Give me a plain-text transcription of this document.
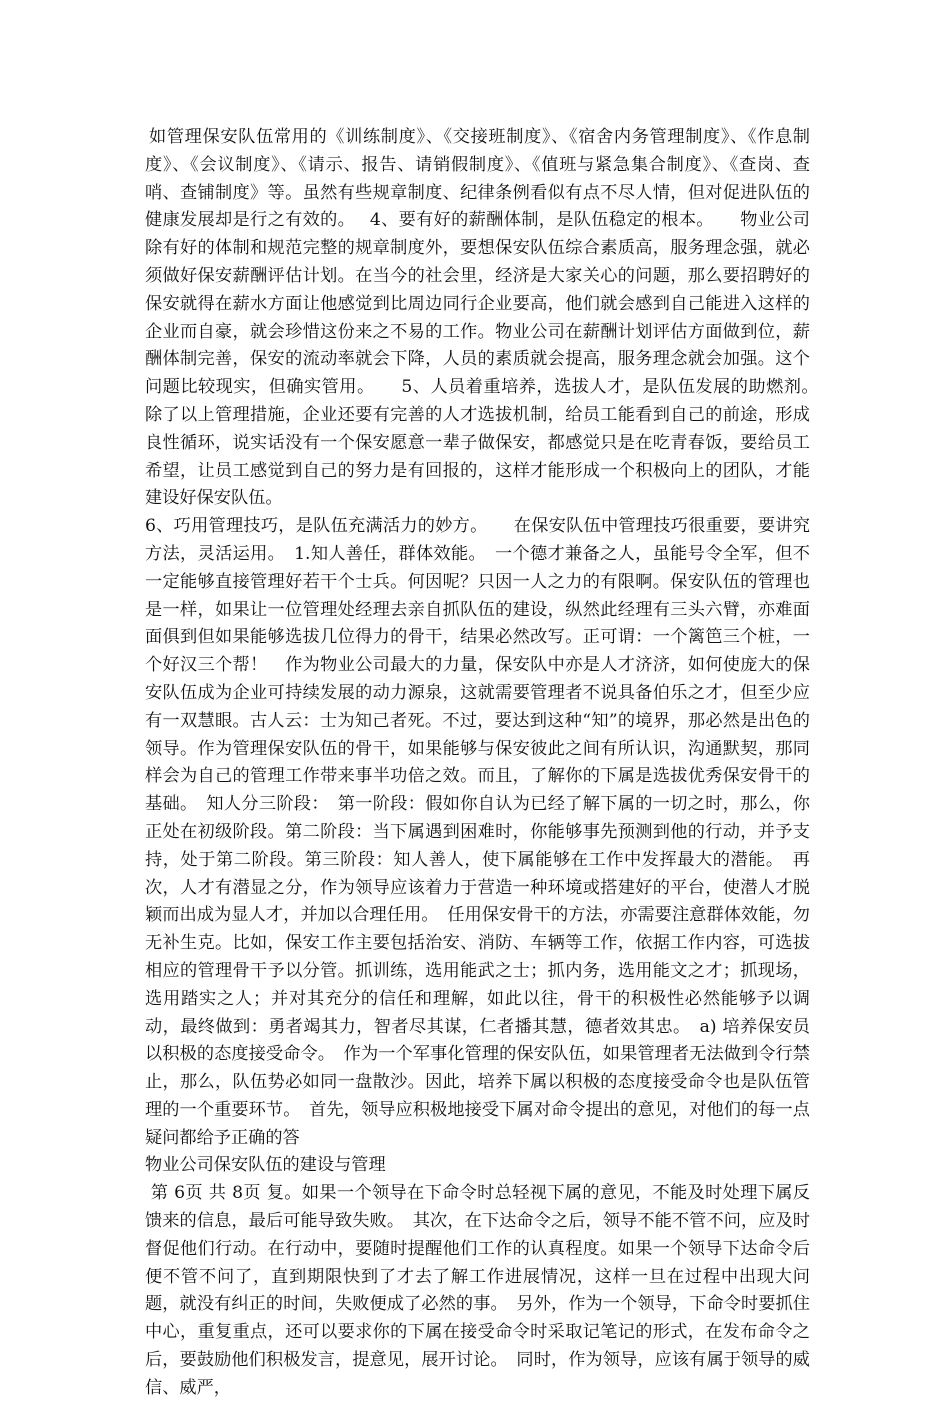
如管理保安队伍常用的《训练制度》、《交接班制度》、《宿舍内务管理制度》、《作息制度》、《会议制度》、《请示、报告、请销假制度》、《值班与紧急集合制度》、《查岗、查哨、查铺制度》等。虽然有些规章制度、纪律条例看似有点不尽人情，但对促进队伍的健康发展却是行之有效的。　 4、要有好的薪酬体制，是队伍稳定的根本。　　物业公司除有好的体制和规范完整的规章制度外，要想保安队伍综合素质高，服务理念强，就必须做好保安薪酬评估计划。在当今的社会里，经济是大家关心的问题，那么要招聘好的保安就得在薪水方面让他感觉到比周边同行企业要高，他们就会感到自己能进入这样的企业而自豪，就会珍惜这份来之不易的工作。物业公司在薪酬计划评估方面做到位，薪酬体制完善，保安的流动率就会下降，人员的素质就会提高，服务理念就会加强。这个问题比较现实，但确实管用。　　5、人员着重培养，选拔人才，是队伍发展的助燃剂。　　除了以上管理措施，企业还要有完善的人才选拔机制，给员工能看到自己的前途，形成良性循环，说实话没有一个保安愿意一辈子做保安，都感觉只是在吃青春饭，要给员工希望，让员工感觉到自己的努力是有回报的，这样才能形成一个积极向上的团队，才能建设好保安队伍。

6、巧用管理技巧，是队伍充满活力的妙方。　　在保安队伍中管理技巧很重要，要讲究方法，灵活运用。　1.知人善任，群体效能。　一个德才兼备之人，虽能号令全军，但不一定能够直接管理好若干个士兵。何因呢？只因一人之力的有限啊。保安队伍的管理也是一样，如果让一位管理处经理去亲自抓队伍的建设，纵然此经理有三头六臂，亦难面面俱到但如果能够选拔几位得力的骨干，结果必然改写。正可谓：一个篱笆三个桩，一个好汉三个帮！　作为物业公司最大的力量，保安队中亦是人才济济，如何使庞大的保安队伍成为企业可持续发展的动力源泉，这就需要管理者不说具备伯乐之才，但至少应有一双慧眼。古人云：士为知己者死。不过，要达到这种“知”的境界，那必然是出色的领导。作为管理保安队伍的骨干，如果能够与保安彼此之间有所认识，沟通默契，那同样会为自己的管理工作带来事半功倍之效。而且，了解你的下属是选拔优秀保安骨干的基础。　知人分三阶段：　第一阶段：假如你自认为已经了解下属的一切之时，那么，你正处在初级阶段。第二阶段：当下属遇到困难时，你能够事先预测到他的行动，并予支持，处于第二阶段。第三阶段：知人善人，使下属能够在工作中发挥最大的潜能。　再次，人才有潜显之分，作为领导应该着力于营造一种环境或搭建好的平台，使潜人才脱颖而出成为显人才，并加以合理任用。　任用保安骨干的方法，亦需要注意群体效能，勿无补生克。比如，保安工作主要包括治安、消防、车辆等工作，依据工作内容，可选拔相应的管理骨干予以分管。抓训练，选用能武之士；抓内务，选用能文之才；抓现场，选用踏实之人；并对其充分的信任和理解，如此以往，骨干的积极性必然能够予以调动，最终做到：勇者竭其力，智者尽其谋，仁者播其慧，德者效其忠。　a) 培养保安员以积极的态度接受命令。　作为一个军事化管理的保安队伍，如果管理者无法做到令行禁止，那么，队伍势必如同一盘散沙。因此，培养下属以积极的态度接受命令也是队伍管理的一个重要环节。　首先，领导应积极地接受下属对命令提出的意见，对他们的每一点疑问都给予正确的答

物业公司保安队伍的建设与管理

第 6页 共 8页 复。如果一个领导在下命令时总轻视下属的意见，不能及时处理下属反馈来的信息，最后可能导致失败。　其次，在下达命令之后，领导不能不管不问，应及时督促他们行动。在行动中，要随时提醒他们工作的认真程度。如果一个领导下达命令后便不管不问了，直到期限快到了才去了解工作进展情况，这样一旦在过程中出现大问题，就没有纠正的时间，失败便成了必然的事。　另外，作为一个领导，下命令时要抓住中心，重复重点，还可以要求你的下属在接受命令时采取记笔记的形式，在发布命令之后，要鼓励他们积极发言，提意见，展开讨论。　同时，作为领导，应该有属于领导的威信、威严，
